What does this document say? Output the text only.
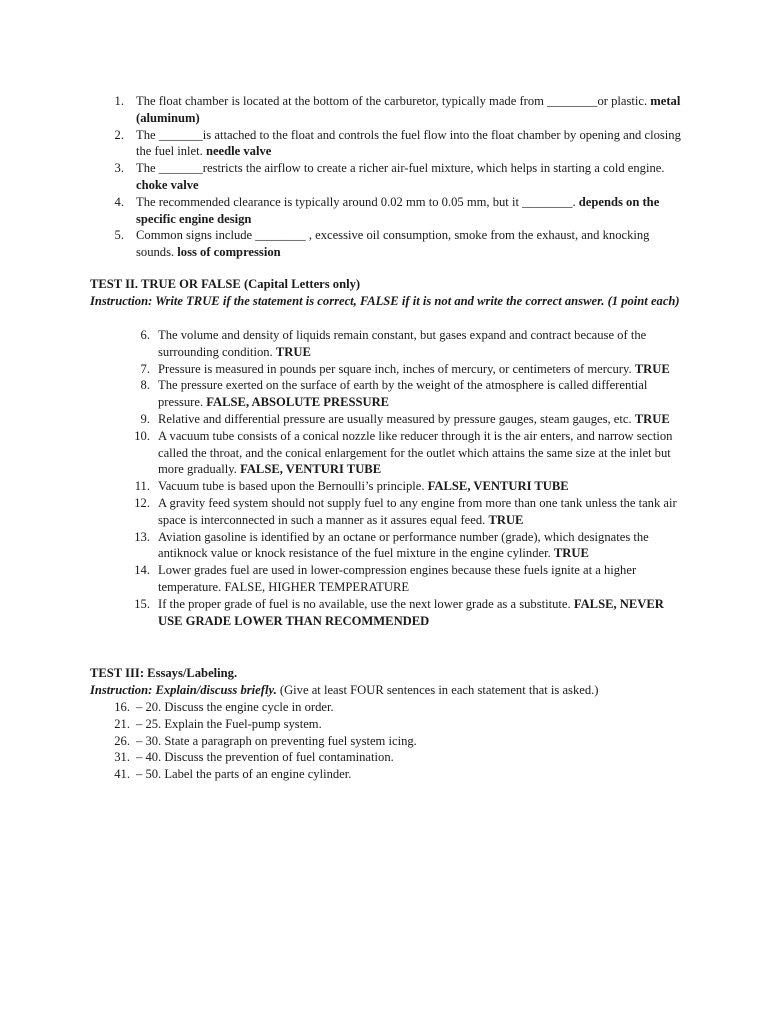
1. The float chamber is located at the bottom of the carburetor, typically made from ________or plastic. metal (aluminum)
2. The _______is attached to the float and controls the fuel flow into the float chamber by opening and closing the fuel inlet. needle valve
3. The _______restricts the airflow to create a richer air-fuel mixture, which helps in starting a cold engine. choke valve
4. The recommended clearance is typically around 0.02 mm to 0.05 mm, but it ________. depends on the specific engine design
5. Common signs include ________ , excessive oil consumption, smoke from the exhaust, and knocking sounds. loss of compression
TEST II. TRUE OR FALSE (Capital Letters only)
Instruction: Write TRUE if the statement is correct, FALSE if it is not and write the correct answer. (1 point each)
6. The volume and density of liquids remain constant, but gases expand and contract because of the surrounding condition. TRUE
7. Pressure is measured in pounds per square inch, inches of mercury, or centimeters of mercury. TRUE
8. The pressure exerted on the surface of earth by the weight of the atmosphere is called differential pressure. FALSE, ABSOLUTE PRESSURE
9. Relative and differential pressure are usually measured by pressure gauges, steam gauges, etc. TRUE
10. A vacuum tube consists of a conical nozzle like reducer through it is the air enters, and narrow section called the throat, and the conical enlargement for the outlet which attains the same size at the inlet but more gradually. FALSE, VENTURI TUBE
11. Vacuum tube is based upon the Bernoulli’s principle. FALSE, VENTURI TUBE
12. A gravity feed system should not supply fuel to any engine from more than one tank unless the tank air space is interconnected in such a manner as it assures equal feed. TRUE
13. Aviation gasoline is identified by an octane or performance number (grade), which designates the antiknock value or knock resistance of the fuel mixture in the engine cylinder. TRUE
14. Lower grades fuel are used in lower-compression engines because these fuels ignite at a higher temperature. FALSE, HIGHER TEMPERATURE
15. If the proper grade of fuel is no available, use the next lower grade as a substitute. FALSE, NEVER USE GRADE LOWER THAN RECOMMENDED
TEST III: Essays/Labeling.
Instruction: Explain/discuss briefly. (Give at least FOUR sentences in each statement that is asked.)
16. – 20. Discuss the engine cycle in order.
21. – 25. Explain the Fuel-pump system.
26. – 30. State a paragraph on preventing fuel system icing.
31. – 40. Discuss the prevention of fuel contamination.
41. – 50. Label the parts of an engine cylinder.
